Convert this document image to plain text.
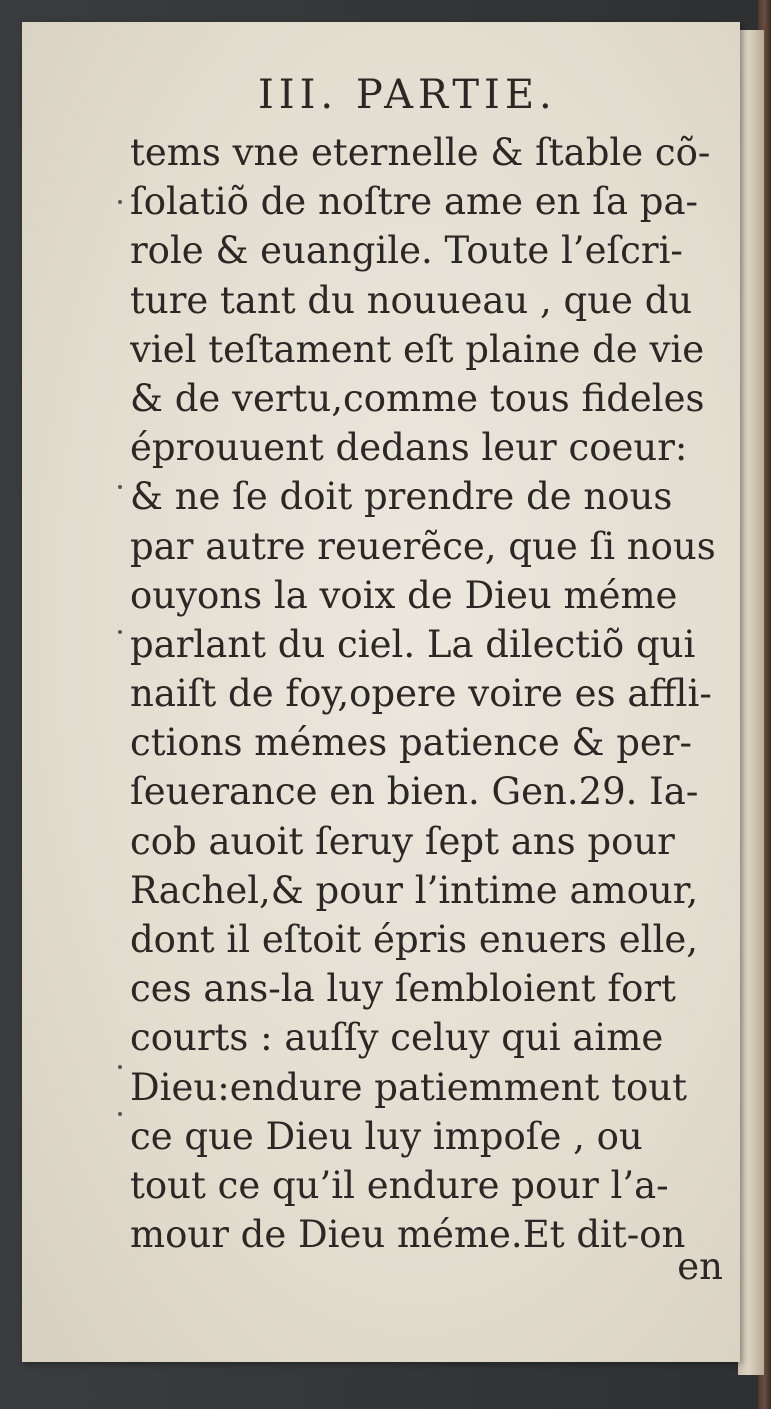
III. PARTIE.
tems vne eternelle & ſtable cõ-
ſolatiõ de noſtre ame en ſa pa-
role & euangile. Toute l’eſcri-
ture tant du nouueau , que du
viel teſtament eſt plaine de vie
& de vertu,comme tous fideles
éprouuent dedans leur coeur:
& ne ſe doit prendre de nous
par autre reuerẽce, que ſi nous
ouyons la voix de Dieu méme
parlant du ciel. La dilectiõ qui
naiſt de foy,opere voire es affli-
ctions mémes patience & per-
ſeuerance en bien. Gen.29. Ia-
cob auoit ſeruy ſept ans pour
Rachel,& pour l’intime amour,
dont il eſtoit épris enuers elle,
ces ans-la luy ſembloient fort
courts : auſſy celuy qui aime
Dieu:endure patiemment tout
ce que Dieu luy impoſe , ou
tout ce qu’il endure pour l’a-
mour de Dieu méme.Et dit-on
en
